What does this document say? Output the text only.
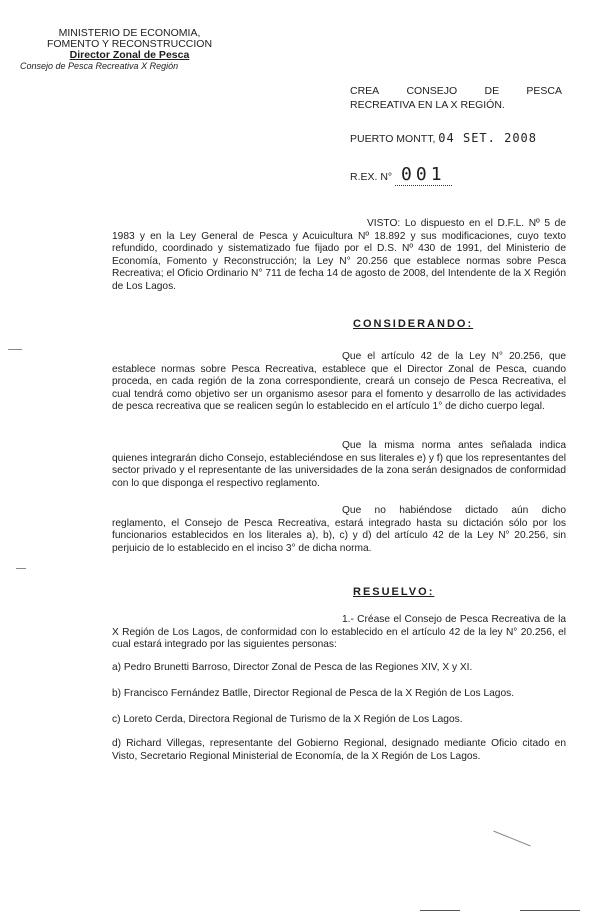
MINISTERIO DE ECONOMIA,
FOMENTO Y RECONSTRUCCION
Director Zonal de Pesca
Consejo de Pesca Recreativa X Región
CREA	CONSEJO	DE	PESCA
RECREATIVA EN LA X REGIÓN.
PUERTO MONTT, 04 SET. 2008
R.EX. N° 001
VISTO: Lo dispuesto en el D.F.L. Nº 5 de 1983 y en la Ley General de Pesca y Acuicultura Nº 18.892 y sus modificaciones, cuyo texto refundido, coordinado y sistematizado fue fijado por el D.S. Nº 430 de 1991, del Ministerio de Economía, Fomento y Reconstrucción; la Ley N° 20.256 que establece normas sobre Pesca Recreativa; el Oficio Ordinario N° 711 de fecha 14 de agosto de 2008, del Intendente de la X Región de Los Lagos.
CONSIDERANDO:
Que el artículo 42 de la Ley N° 20.256, que establece normas sobre Pesca Recreativa, establece que el Director Zonal de Pesca, cuando proceda, en cada región de la zona correspondiente, creará un consejo de Pesca Recreativa, el cual tendrá como objetivo ser un organismo asesor para el fomento y desarrollo de las actividades de pesca recreativa que se realicen según lo establecido en el artículo 1° de dicho cuerpo legal.
Que la misma norma antes señalada indica quienes integrarán dicho Consejo, estableciéndose en sus literales e) y f) que los representantes del sector privado y el representante de las universidades de la zona serán designados de conformidad con lo que disponga el respectivo reglamento.
Que no habiéndose dictado aún dicho reglamento, el Consejo de Pesca Recreativa, estará integrado hasta su dictación sólo por los funcionarios establecidos en los literales a), b), c) y d) del artículo 42 de la Ley N° 20.256, sin perjuicio de lo establecido en el inciso 3° de dicha norma.
RESUELVO:
1.- Créase el Consejo de Pesca Recreativa de la X Región de Los Lagos, de conformidad con lo establecido en el artículo 42 de la ley N° 20.256, el cual estará integrado por las siguientes personas:
a) Pedro Brunetti Barroso, Director Zonal de Pesca de las Regiones XIV, X y XI.
b) Francisco Fernández Batlle, Director Regional de Pesca de la X Región de Los Lagos.
c) Loreto Cerda, Directora Regional de Turismo de la X Región de Los Lagos.
d) Richard Villegas, representante del Gobierno Regional, designado mediante Oficio citado en Visto, Secretario Regional Ministerial de Economía, de la X Región de Los Lagos.
